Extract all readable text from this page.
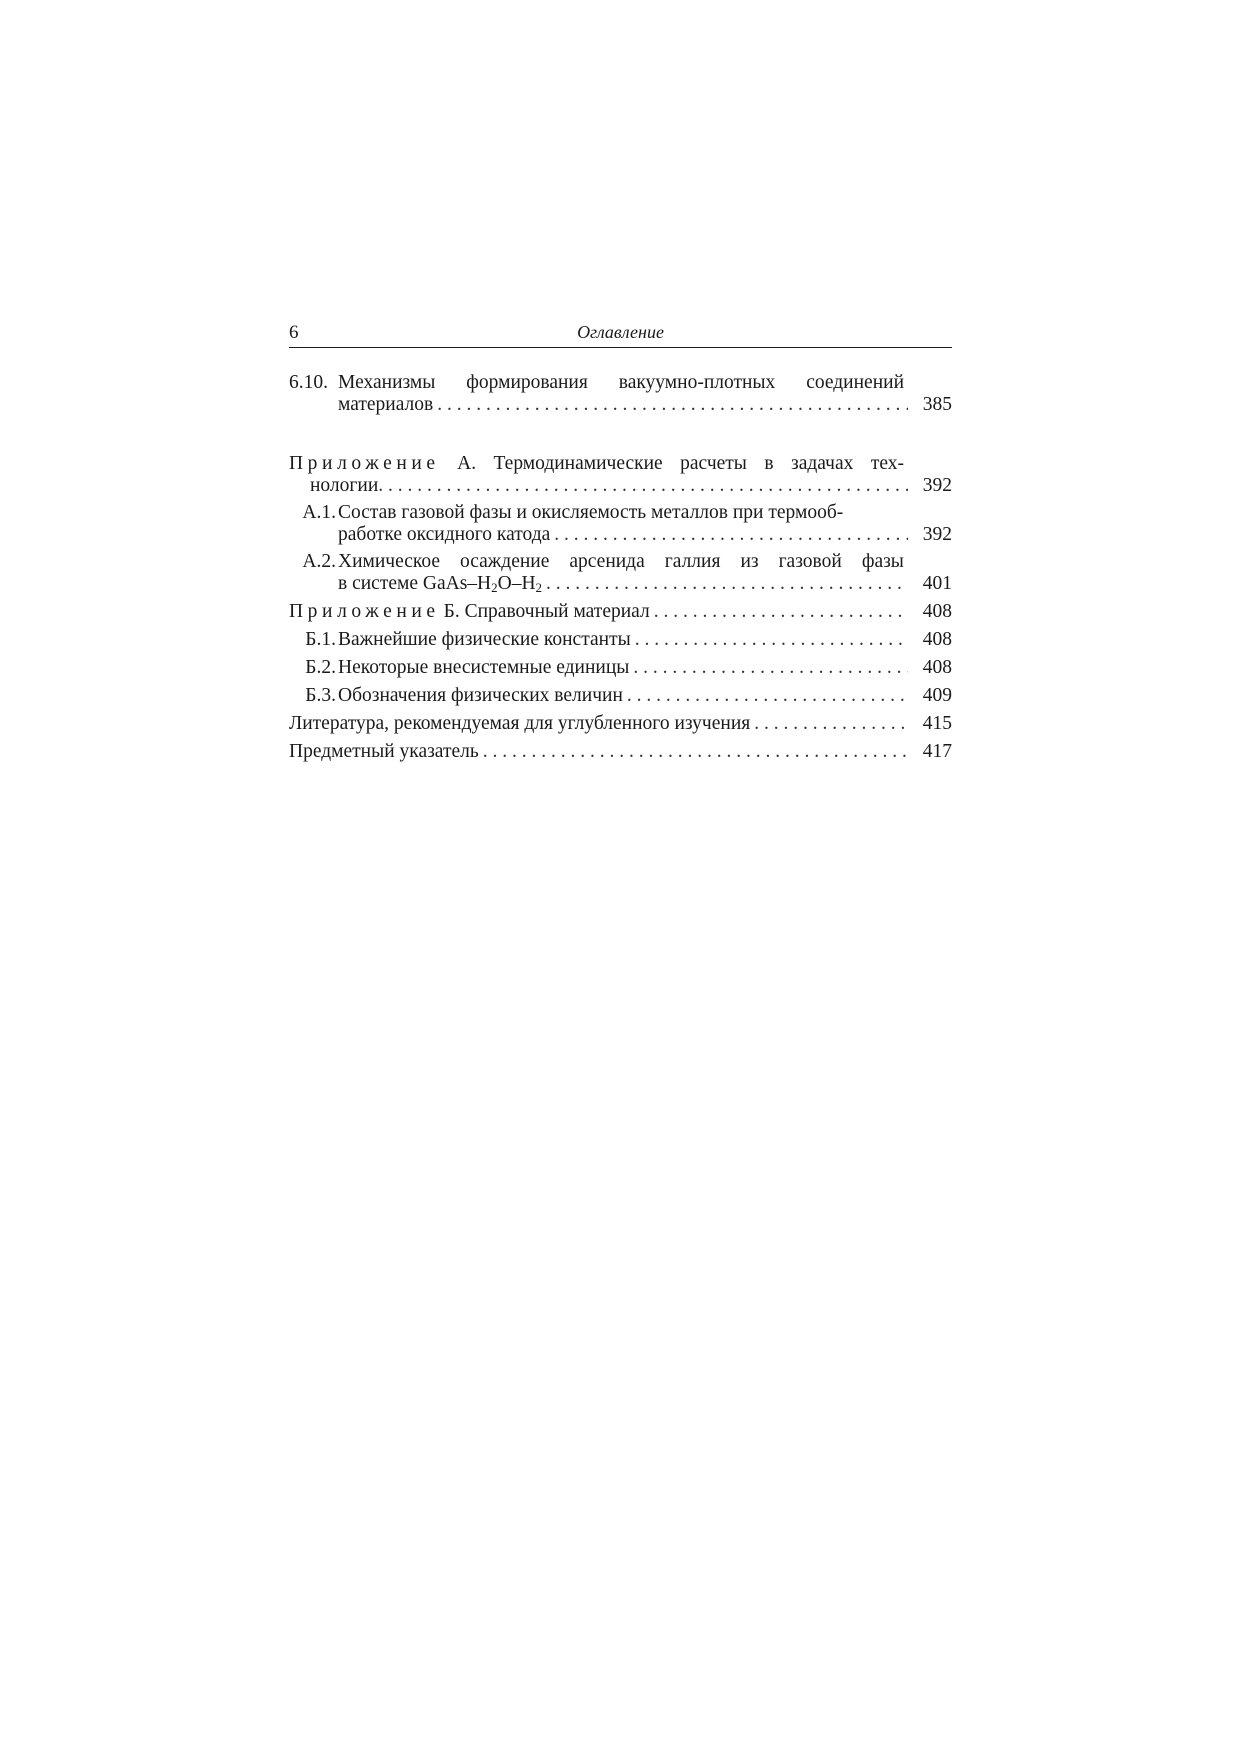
6	Оглавление
6.10. Механизмы формирования вакуумно-плотных соединений
материалов . . .	385
Приложение А. Термодинамические расчеты в задачах тех-
нологии . . .	392
А.1. Состав газовой фазы и окисляемость металлов при термооб-
работке оксидного катода . . .	392
А.2. Химическое осаждение арсенида галлия из газовой фазы
в системе GaAs–$H_2O-H_2$ . . .	401
Приложение Б. Справочный материал . . .	408
Б.1. Важнейшие физические константы . . .	408
Б.2. Некоторые внесистемные единицы . . .	408
Б.3. Обозначения физических величин . . .	409
Литература, рекомендуемая для углубленного изучения . . .	415
Предметный указатель . . .	417
